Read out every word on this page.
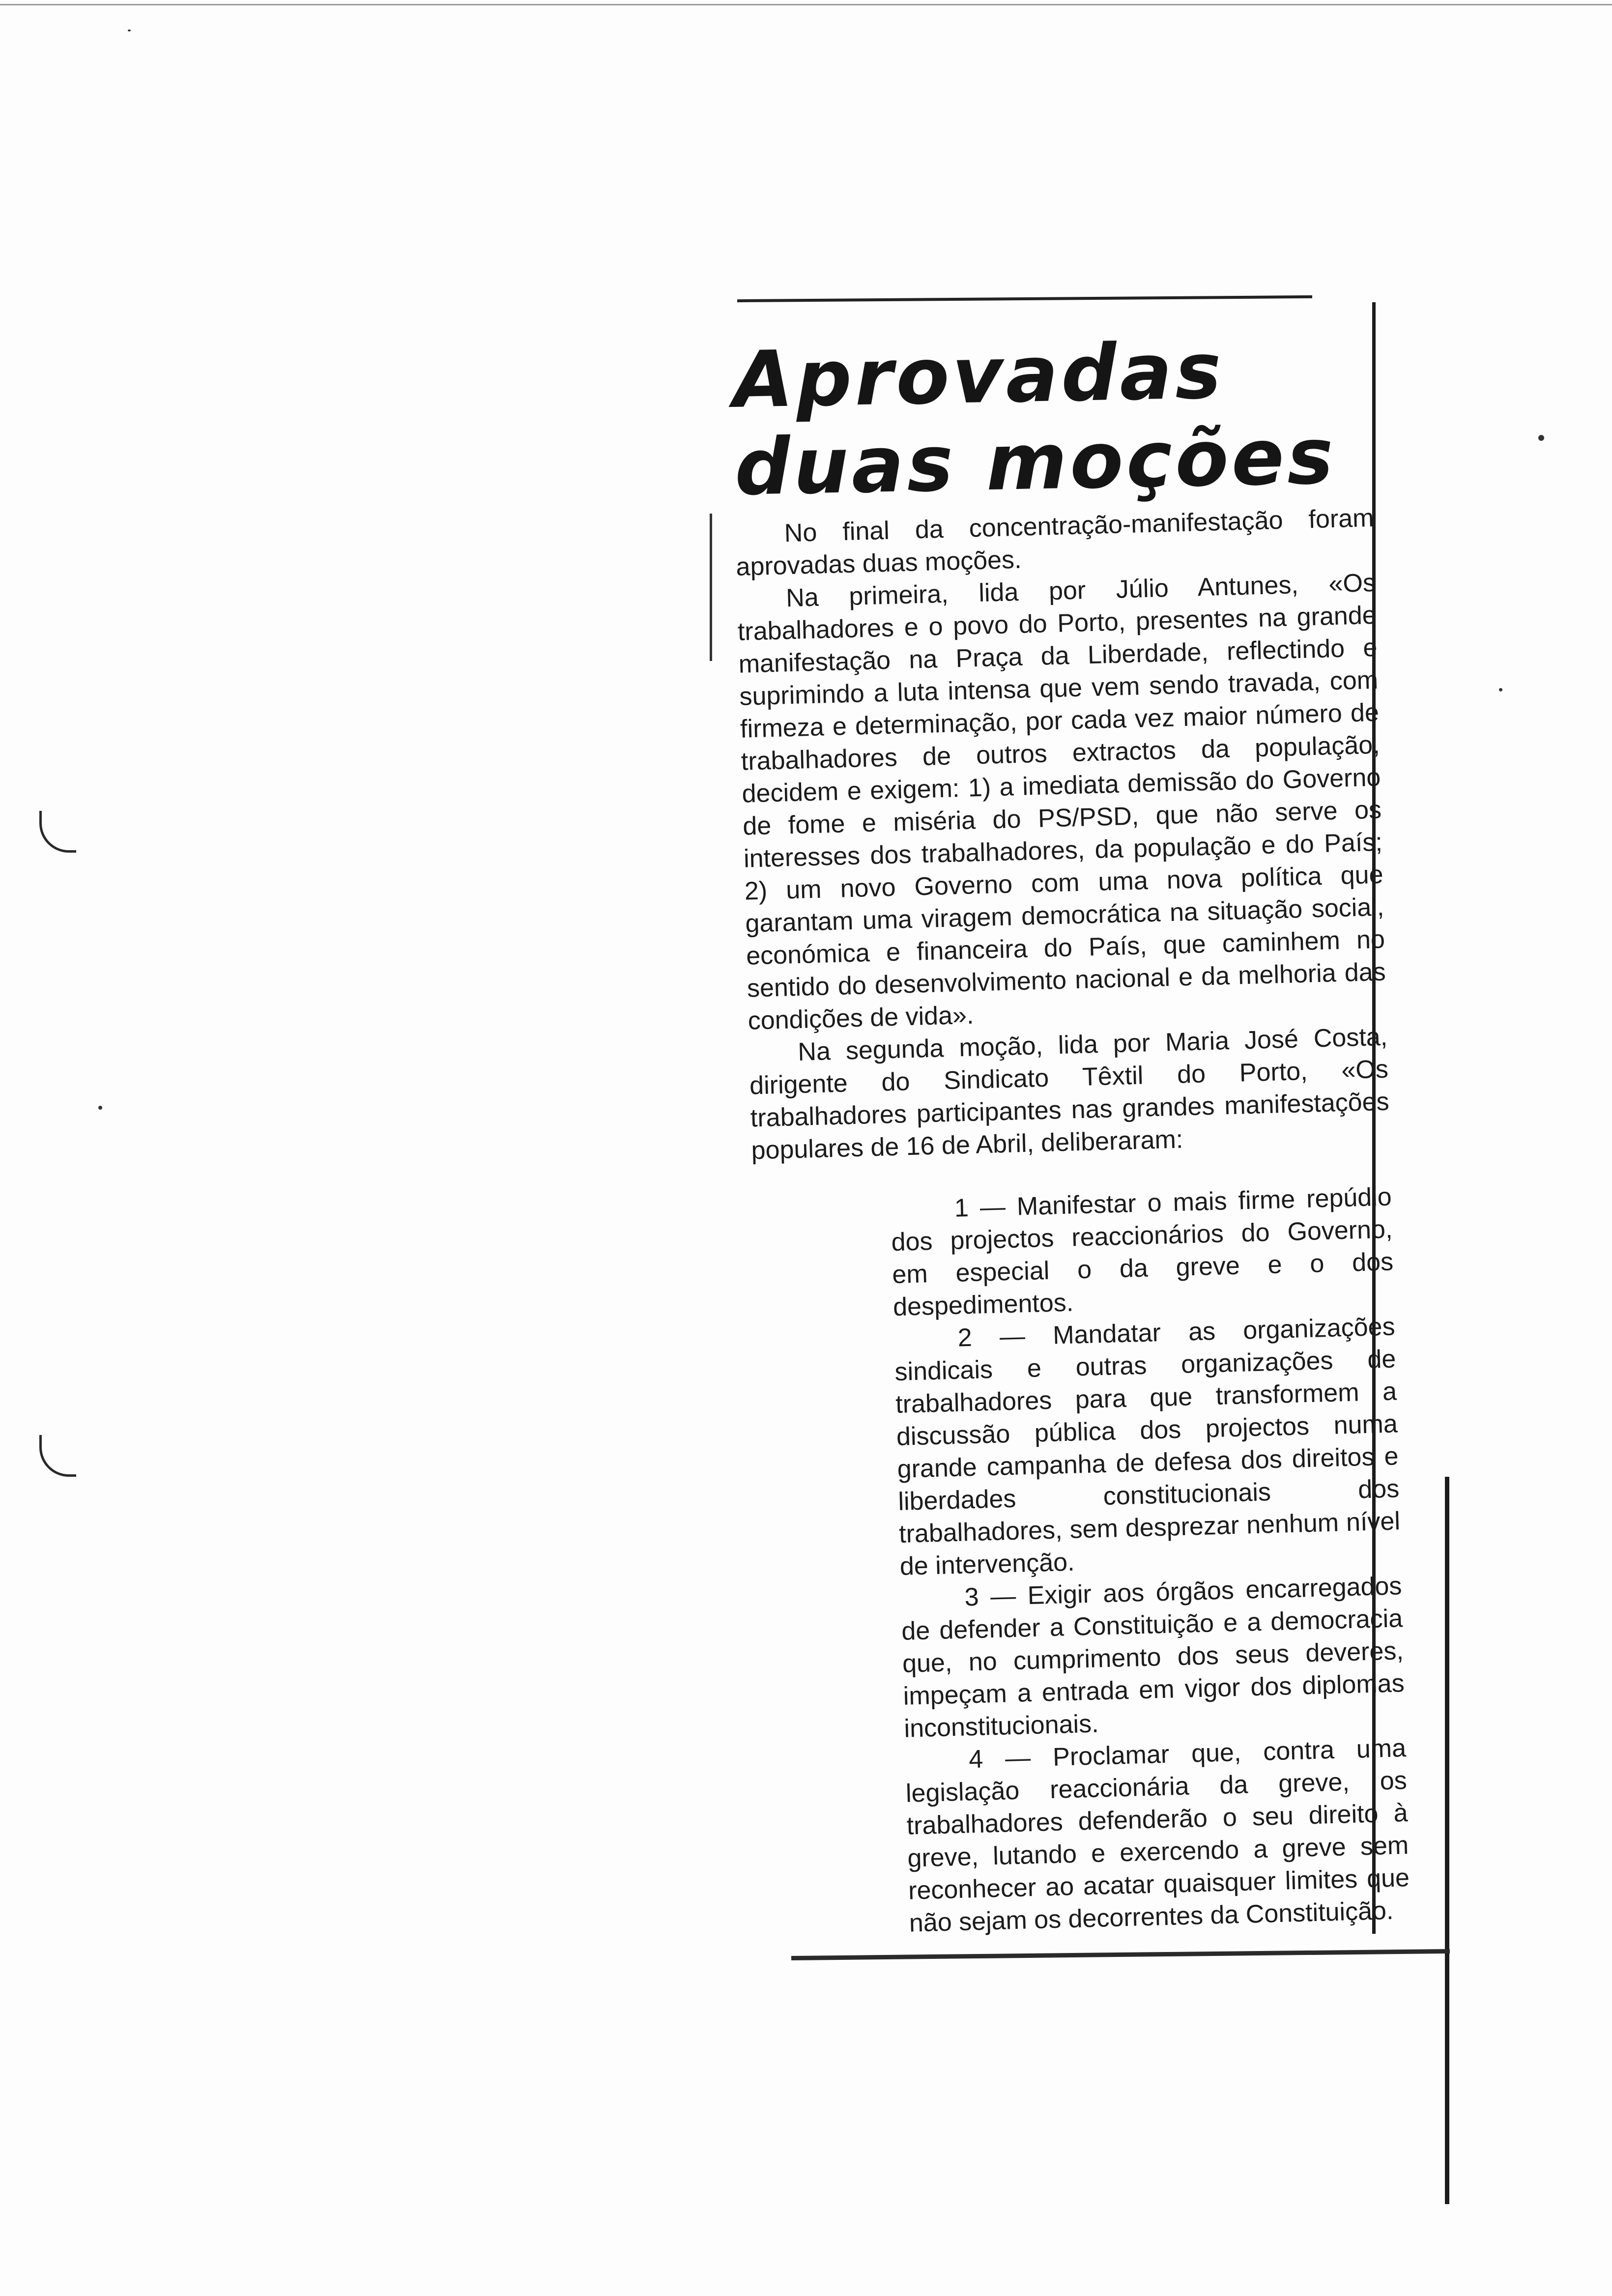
Aprovadas
duas moções

No final da concentração-manifestação foram aprovadas duas moções.

Na primeira, lida por Júlio Antunes, «Os trabalhadores e o povo do Porto, presentes na grande manifestação na Praça da Liberdade, reflectindo e suprimindo a luta intensa que vem sendo travada, com firmeza e determinação, por cada vez maior número de trabalhadores de outros extractos da população, decidem e exigem: 1) a imediata demissão do Governo de fome e miséria do PS/PSD, que não serve os interesses dos trabalhadores, da população e do País; 2) um novo Governo com uma nova política que garantam uma viragem democrática na situação social, económica e financeira do País, que caminhem no sentido do desenvolvimento nacional e da melhoria das condições de vida».

Na segunda moção, lida por Maria José Costa, dirigente do Sindicato Têxtil do Porto, «Os trabalhadores participantes nas grandes manifestações populares de 16 de Abril, deliberaram:

1 — Manifestar o mais firme repúdio dos projectos reaccionários do Governo, em especial o da greve e o dos despedimentos.

2 — Mandatar as organizações sindicais e outras organizações de trabalhadores para que transformem a discussão pública dos projectos numa grande campanha de defesa dos direitos e liberdades constitucionais dos trabalhadores, sem desprezar nenhum nível de intervenção.

3 — Exigir aos órgãos encarregados de defender a Constituição e a democracia que, no cumprimento dos seus deveres, impeçam a entrada em vigor dos diplomas inconstitucionais.

4 — Proclamar que, contra uma legislação reaccionária da greve, os trabalhadores defenderão o seu direito à greve, lutando e exercendo a greve sem reconhecer ao acatar quaisquer limites que não sejam os decorrentes da Constituição.
